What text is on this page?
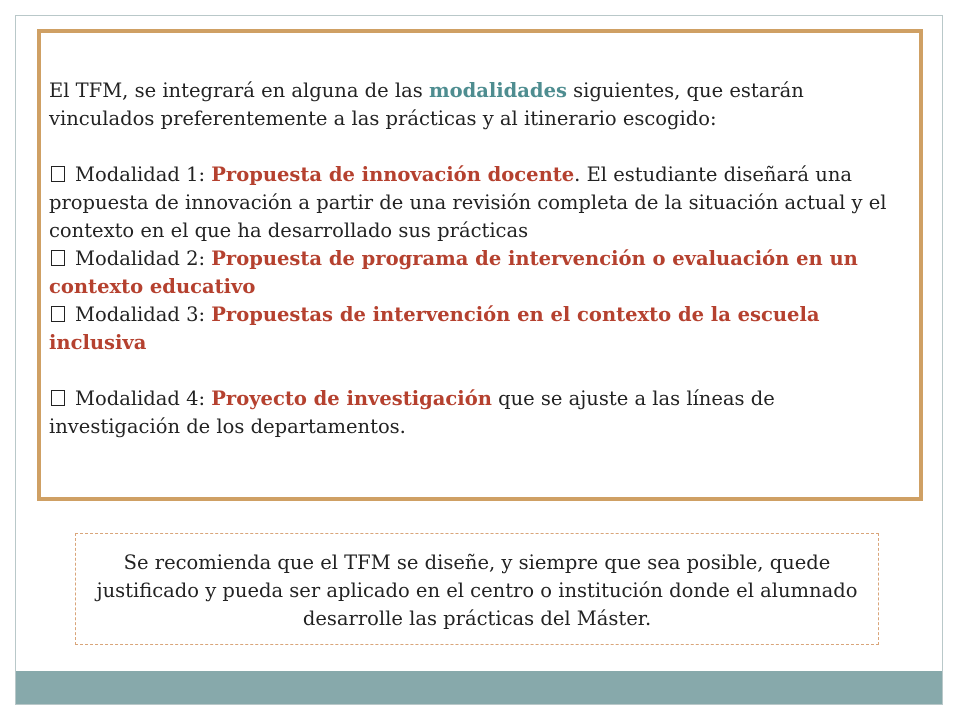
El TFM, se integrará en alguna de las modalidades siguientes, que estarán vinculados preferentemente a las prácticas y al itinerario escogido:

Modalidad 1: Propuesta de innovación docente. El estudiante diseñará una propuesta de innovación a partir de una revisión completa de la situación actual y el contexto en el que ha desarrollado sus prácticas

Modalidad 2: Propuesta de programa de intervención o evaluación en un contexto educativo

Modalidad 3: Propuestas de intervención en el contexto de la escuela inclusiva

Modalidad 4: Proyecto de investigación que se ajuste a las líneas de investigación de los departamentos.

Se recomienda que el TFM se diseñe, y siempre que sea posible, quede justificado y pueda ser aplicado en el centro o institución donde el alumnado desarrolle las prácticas del Máster.
